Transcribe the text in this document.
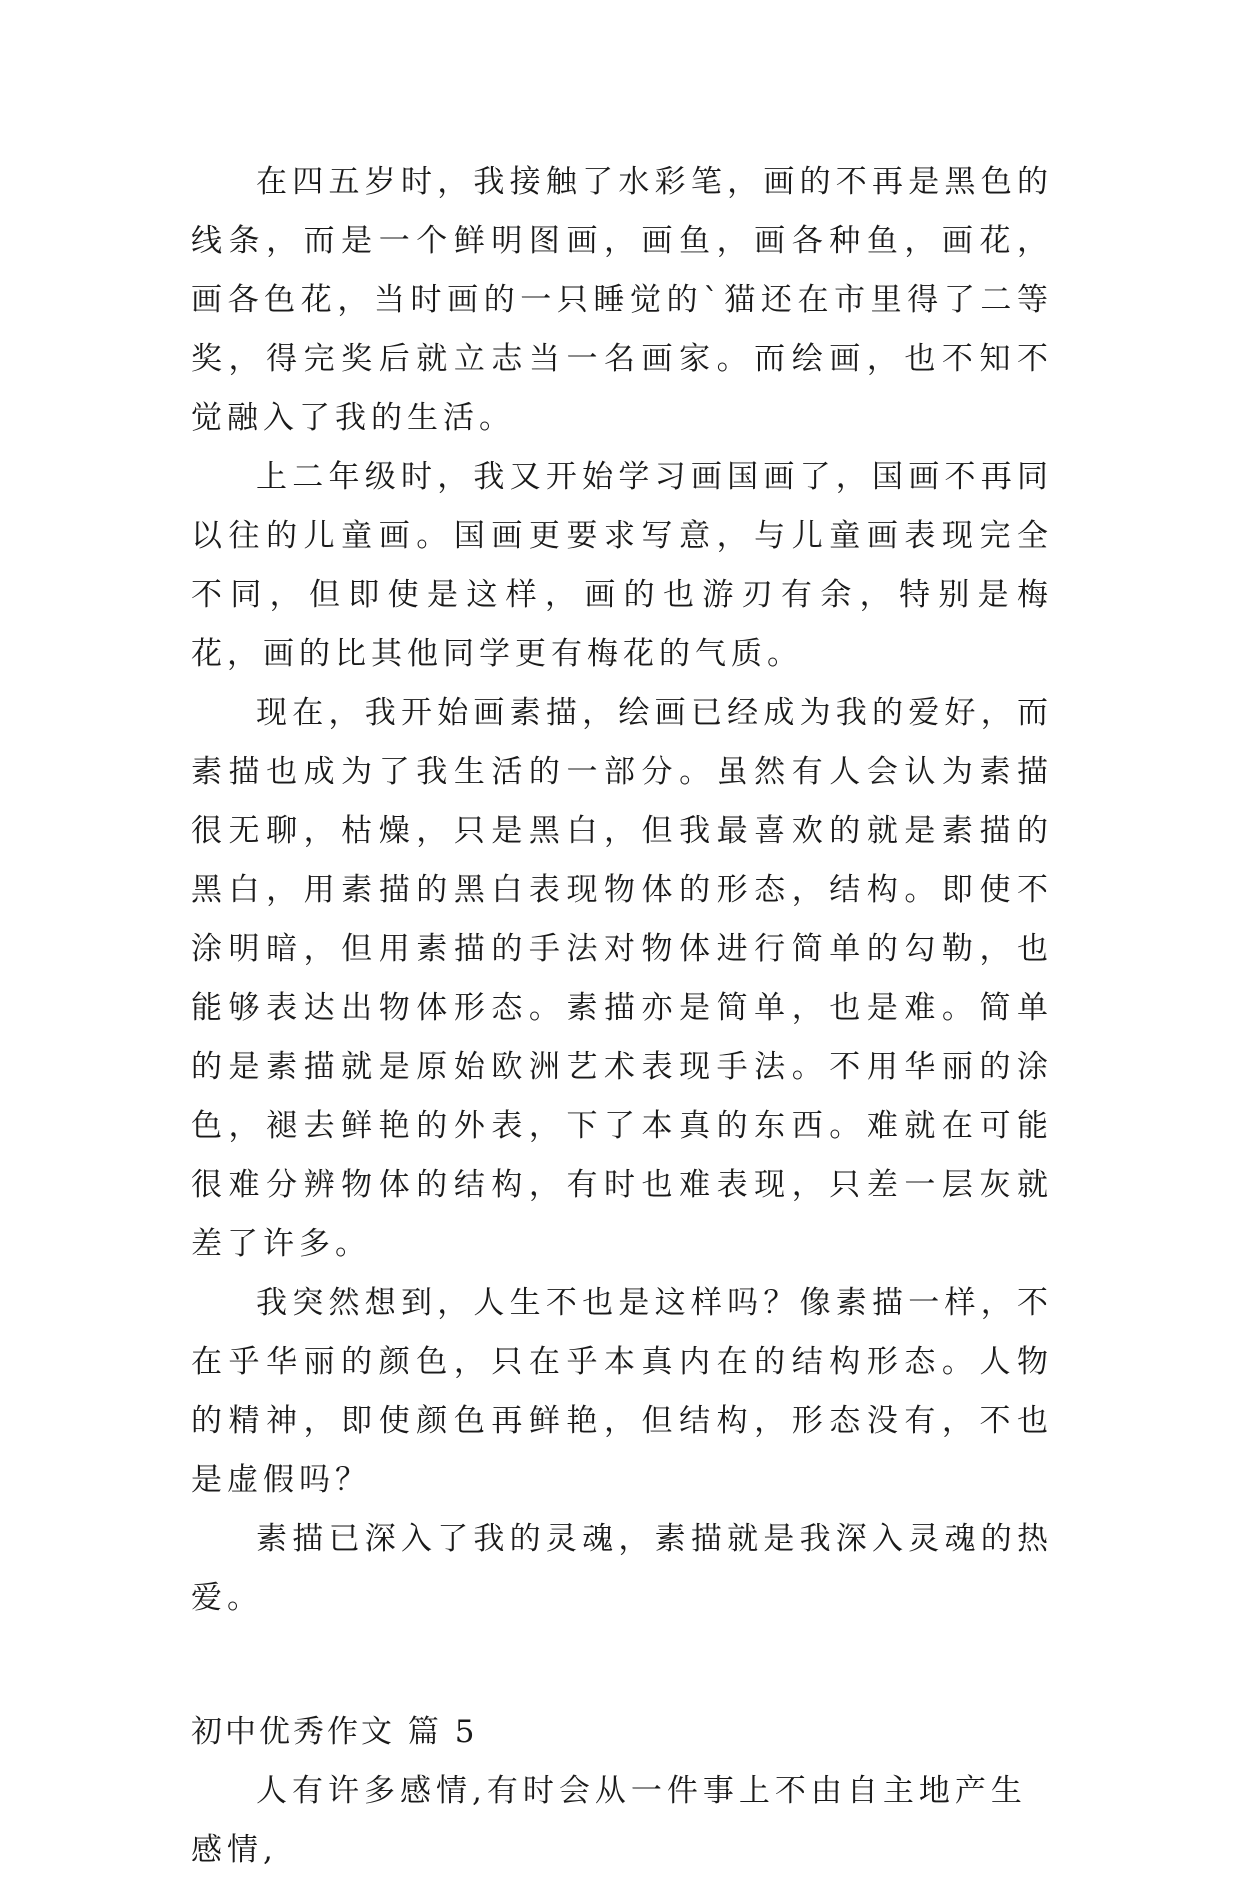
在四五岁时，我接触了水彩笔，画的不再是黑色的线条，而是一个鲜明图画，画鱼，画各种鱼，画花，画各色花，当时画的一只睡觉的`猫还在市里得了二等奖，得完奖后就立志当一名画家。而绘画，也不知不觉融入了我的生活。

上二年级时，我又开始学习画国画了，国画不再同以往的儿童画。国画更要求写意，与儿童画表现完全不同，但即使是这样，画的也游刃有余，特别是梅花，画的比其他同学更有梅花的气质。

现在，我开始画素描，绘画已经成为我的爱好，而素描也成为了我生活的一部分。虽然有人会认为素描很无聊，枯燥，只是黑白，但我最喜欢的就是素描的黑白，用素描的黑白表现物体的形态，结构。即使不涂明暗，但用素描的手法对物体进行简单的勾勒，也能够表达出物体形态。素描亦是简单，也是难。简单的是素描就是原始欧洲艺术表现手法。不用华丽的涂色，褪去鲜艳的外表，下了本真的东西。难就在可能很难分辨物体的结构，有时也难表现，只差一层灰就差了许多。

我突然想到，人生不也是这样吗？像素描一样，不在乎华丽的颜色，只在乎本真内在的结构形态。人物的精神，即使颜色再鲜艳，但结构，形态没有，不也是虚假吗？

素描已深入了我的灵魂，素描就是我深入灵魂的热爱。

初中优秀作文 篇 5

人有许多感情,有时会从一件事上不由自主地产生感情,
